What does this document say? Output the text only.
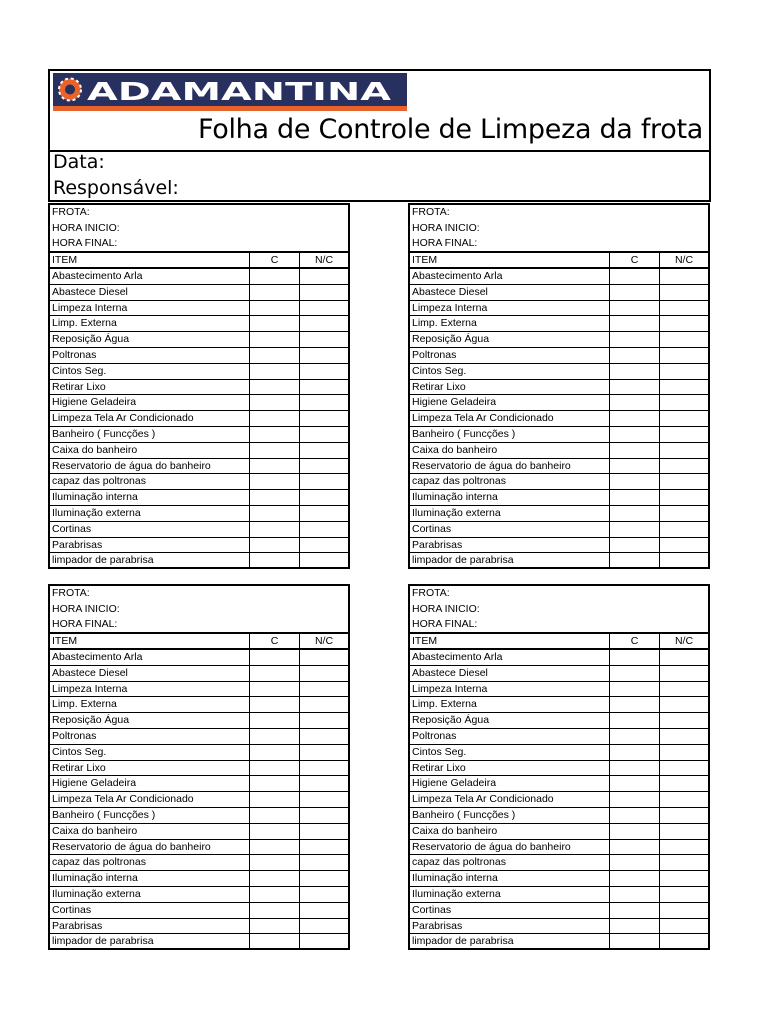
ADAMANTINA
Folha de Controle de Limpeza da frota
Data:
Responsável:
FROTA:
HORA INICIO:
HORA FINAL:
ITEM	C	N/C
Abastecimento Arla
Abastece Diesel
Limpeza Interna
Limp. Externa
Reposição Água
Poltronas
Cintos Seg.
Retirar Lixo
Higiene Geladeira
Limpeza Tela Ar Condicionado
Banheiro ( Funcções )
Caixa do banheiro
Reservatorio de água do banheiro
capaz das poltronas
Iluminação interna
Iluminação externa
Cortinas
Parabrisas
limpador de parabrisa
FROTA:
HORA INICIO:
HORA FINAL:
ITEM	C	N/C
Abastecimento Arla
Abastece Diesel
Limpeza Interna
Limp. Externa
Reposição Água
Poltronas
Cintos Seg.
Retirar Lixo
Higiene Geladeira
Limpeza Tela Ar Condicionado
Banheiro ( Funcções )
Caixa do banheiro
Reservatorio de água do banheiro
capaz das poltronas
Iluminação interna
Iluminação externa
Cortinas
Parabrisas
limpador de parabrisa
FROTA:
HORA INICIO:
HORA FINAL:
ITEM	C	N/C
Abastecimento Arla
Abastece Diesel
Limpeza Interna
Limp. Externa
Reposição Água
Poltronas
Cintos Seg.
Retirar Lixo
Higiene Geladeira
Limpeza Tela Ar Condicionado
Banheiro ( Funcções )
Caixa do banheiro
Reservatorio de água do banheiro
capaz das poltronas
Iluminação interna
Iluminação externa
Cortinas
Parabrisas
limpador de parabrisa
FROTA:
HORA INICIO:
HORA FINAL:
ITEM	C	N/C
Abastecimento Arla
Abastece Diesel
Limpeza Interna
Limp. Externa
Reposição Água
Poltronas
Cintos Seg.
Retirar Lixo
Higiene Geladeira
Limpeza Tela Ar Condicionado
Banheiro ( Funcções )
Caixa do banheiro
Reservatorio de água do banheiro
capaz das poltronas
Iluminação interna
Iluminação externa
Cortinas
Parabrisas
limpador de parabrisa
